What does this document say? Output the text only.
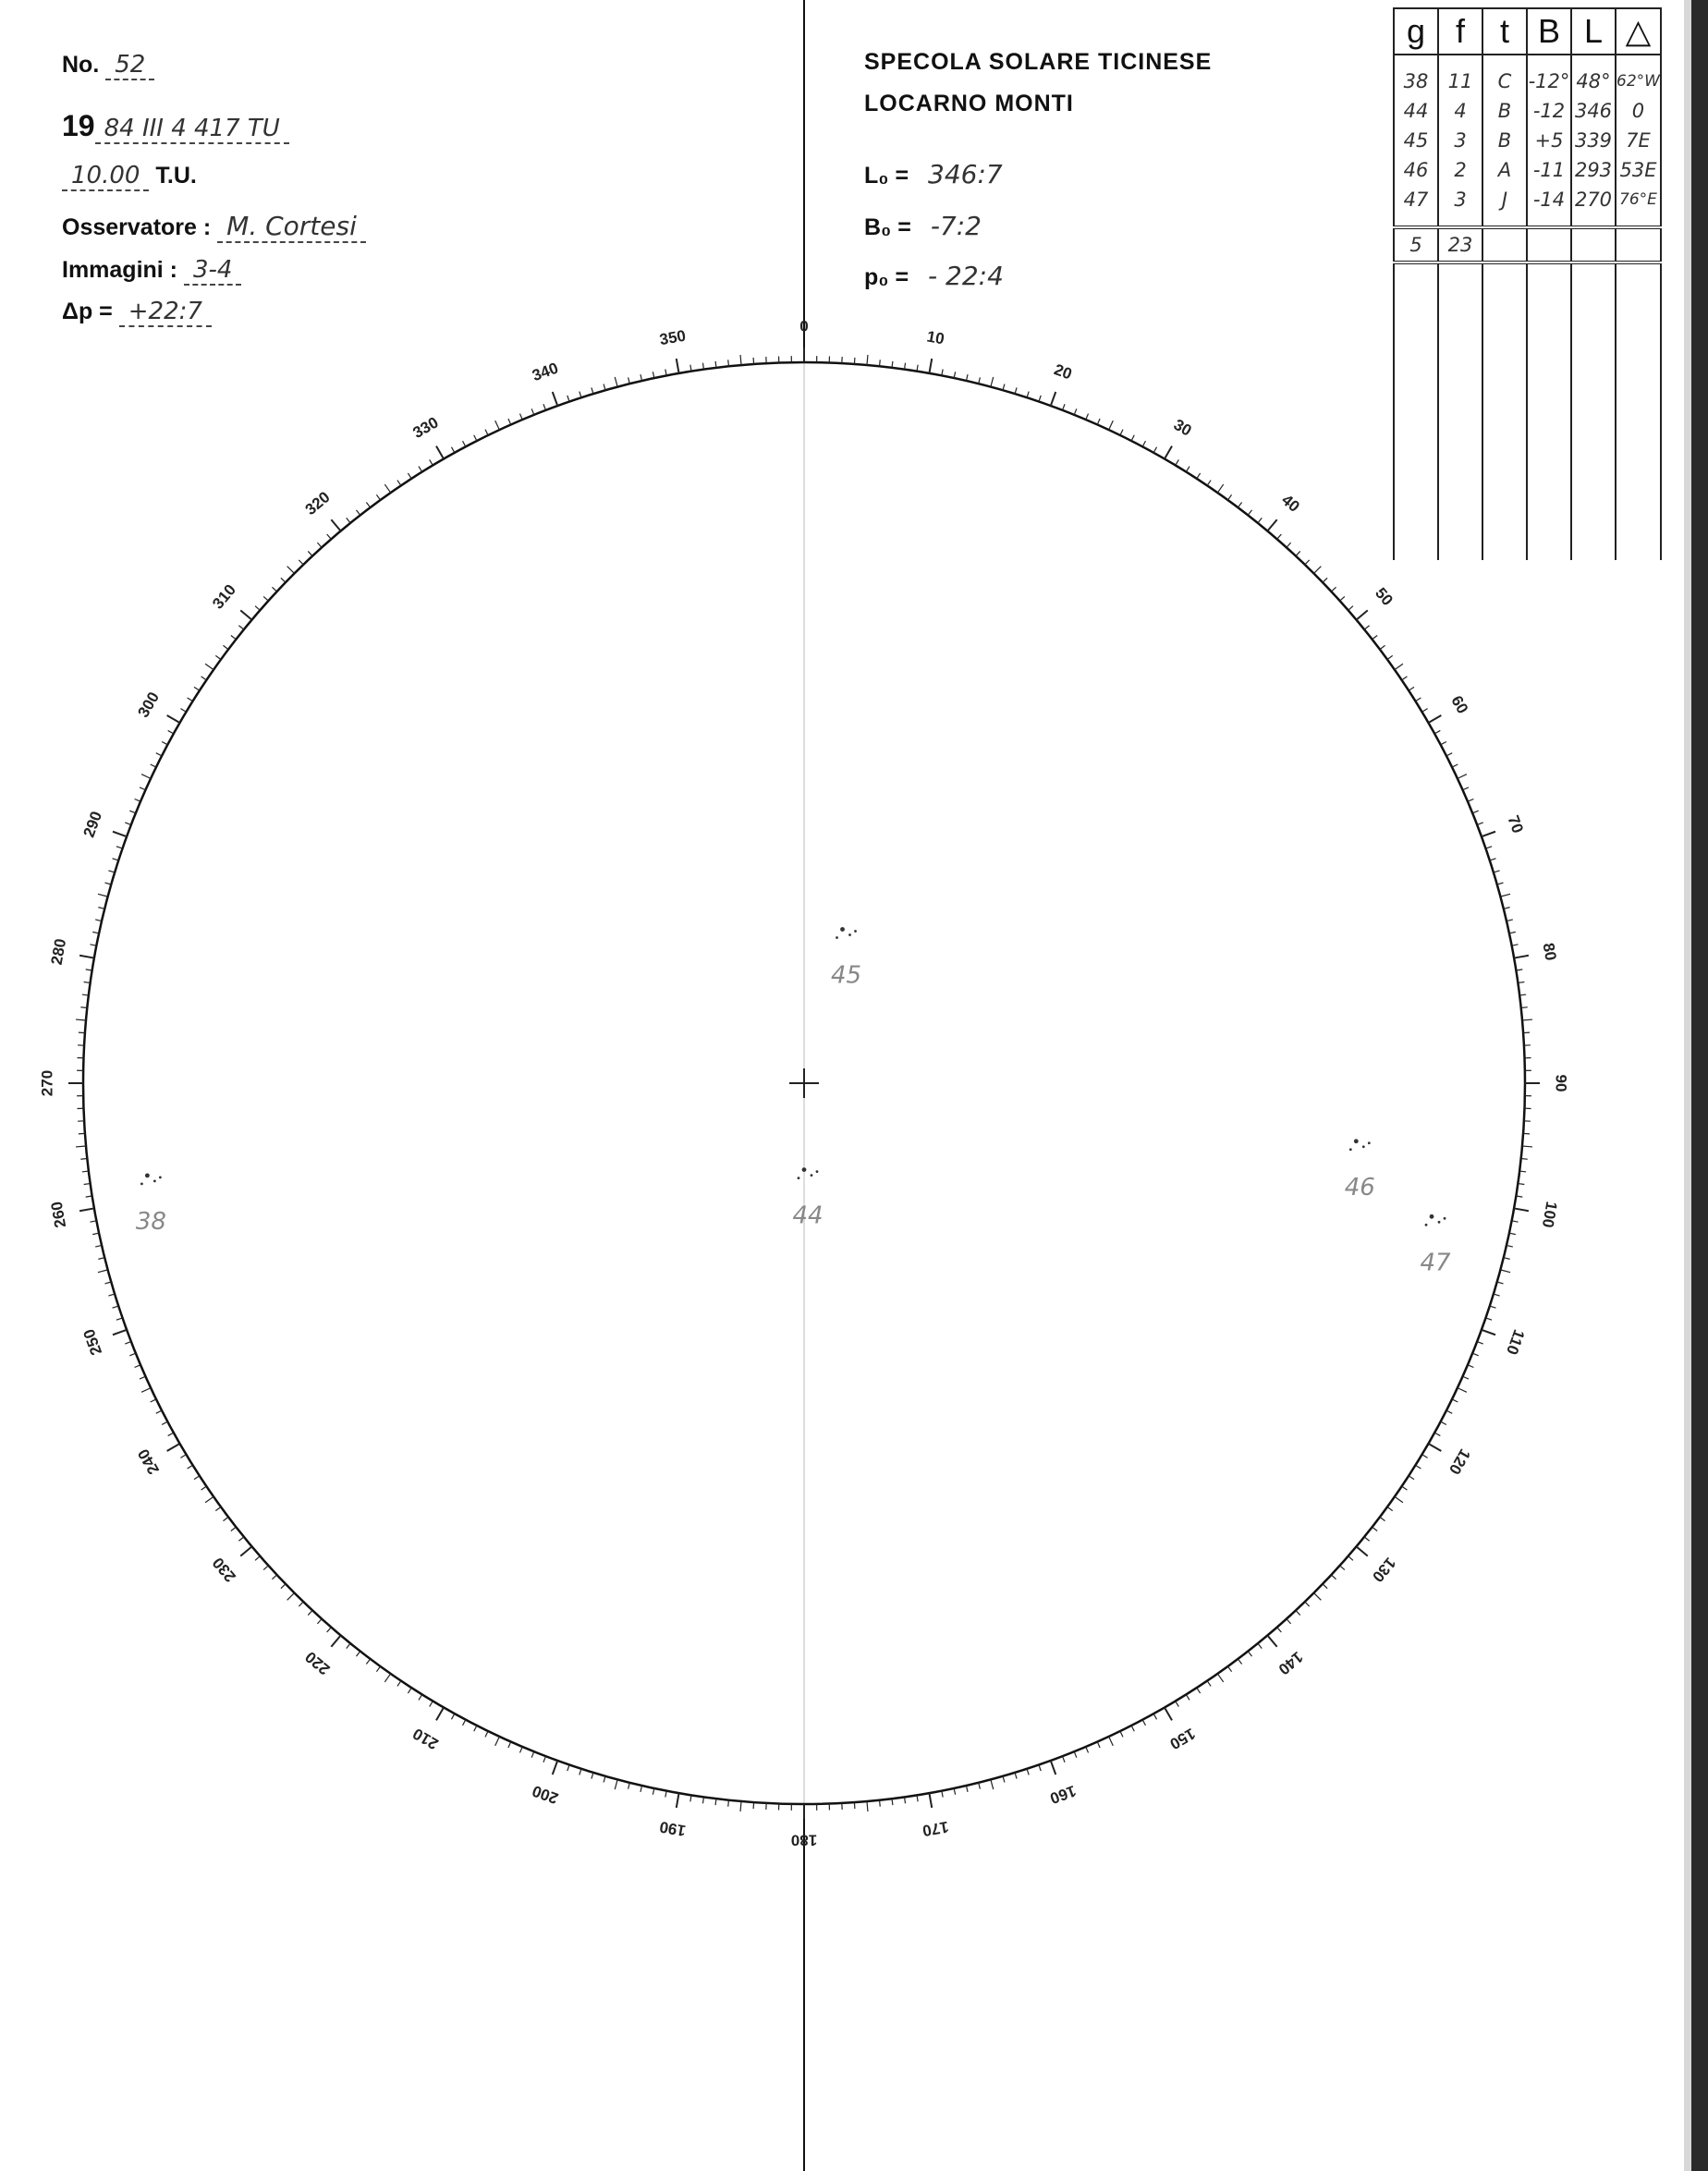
No. 52
19 84 III 4 417 TU
10.00 T.U.
Osservatore : M. Cortesi
Immagini : 3-4
Δp = +22:7
SPECOLA SOLARE TICINESE
LOCARNO MONTI
L₀ = 346:7
B₀ = -7:2
p₀ = - 22:4
g	f	t	B	L	△

38	11	C	-12°	48°	62°W
44	4	B	-12	346	0
45	3	B	+5	339	7E
46	2	A	-11	293	53E
47	3	J	-14	270	76°E

5	23				

0
10
20
30
40
50
60
70
80
90
100
110
120
130
140
150
160
170
180
190
200
210
220
230
240
250
260
270
280
290
300
310
320
330
340
350
45
44
46
47
38
